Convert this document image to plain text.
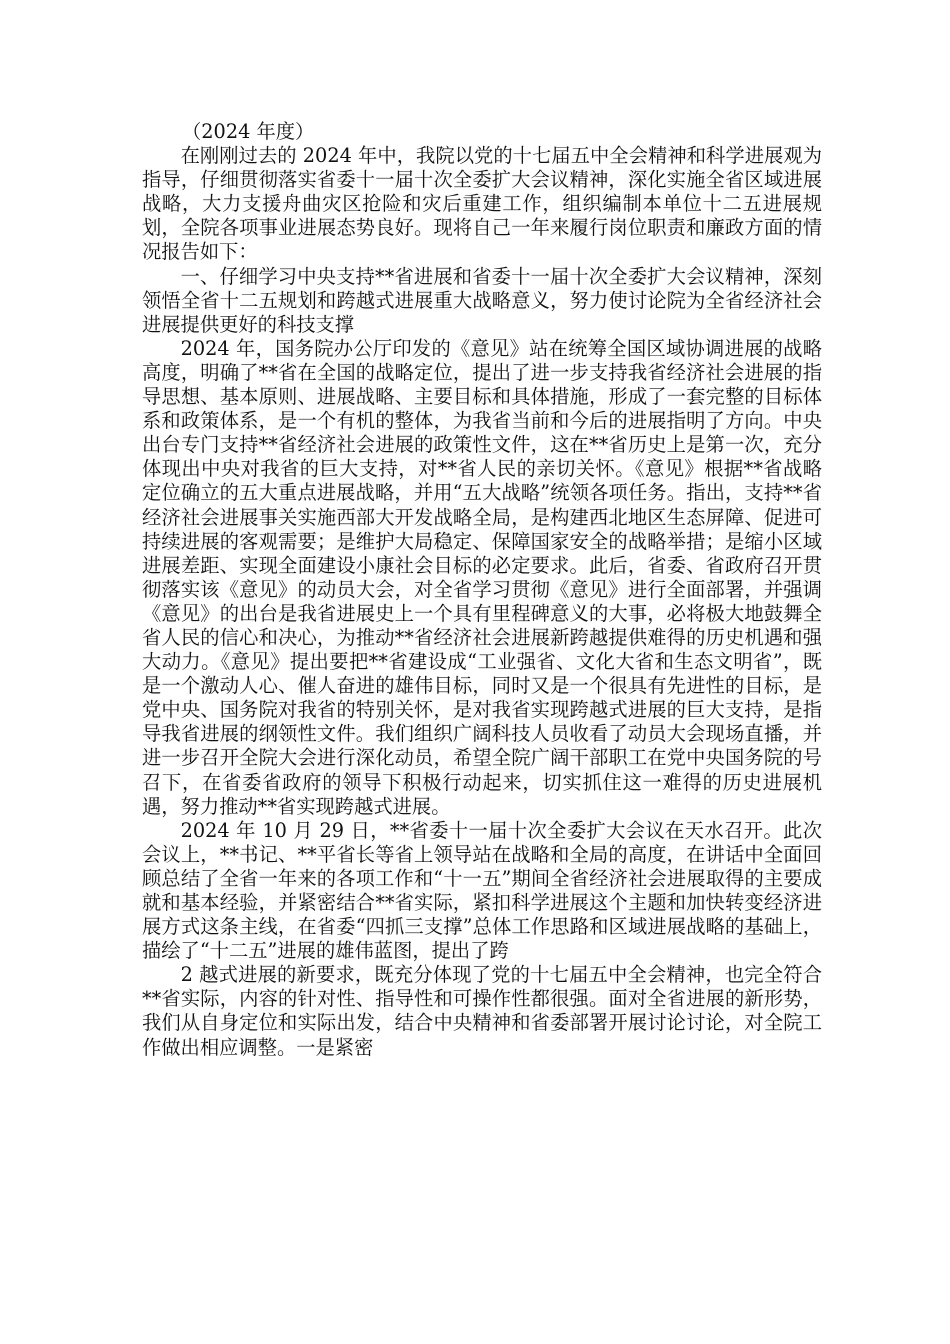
（2024 年度）

在刚刚过去的 2024 年中，我院以党的十七届五中全会精神和科学进展观为指导，仔细贯彻落实省委十一届十次全委扩大会议精神，深化实施全省区域进展战略，大力支援舟曲灾区抢险和灾后重建工作，组织编制本单位十二五进展规划，全院各项事业进展态势良好。现将自己一年来履行岗位职责和廉政方面的情况报告如下：

一、仔细学习中央支持**省进展和省委十一届十次全委扩大会议精神，深刻领悟全省十二五规划和跨越式进展重大战略意义，努力使讨论院为全省经济社会进展提供更好的科技支撑

2024 年，国务院办公厅印发的《意见》站在统筹全国区域协调进展的战略高度，明确了**省在全国的战略定位，提出了进一步支持我省经济社会进展的指导思想、基本原则、进展战略、主要目标和具体措施，形成了一套完整的目标体系和政策体系，是一个有机的整体，为我省当前和今后的进展指明了方向。中央出台专门支持**省经济社会进展的政策性文件，这在**省历史上是第一次，充分体现出中央对我省的巨大支持，对**省人民的亲切关怀。《意见》根据**省战略定位确立的五大重点进展战略，并用“五大战略”统领各项任务。指出，支持**省经济社会进展事关实施西部大开发战略全局，是构建西北地区生态屏障、促进可持续进展的客观需要；是维护大局稳定、保障国家安全的战略举措；是缩小区域进展差距、实现全面建设小康社会目标的必定要求。此后，省委、省政府召开贯彻落实该《意见》的动员大会，对全省学习贯彻《意见》进行全面部署，并强调《意见》的出台是我省进展史上一个具有里程碑意义的大事，必将极大地鼓舞全省人民的信心和决心，为推动**省经济社会进展新跨越提供难得的历史机遇和强大动力。《意见》提出要把**省建设成“工业强省、文化大省和生态文明省”，既是一个激动人心、催人奋进的雄伟目标，同时又是一个很具有先进性的目标，是党中央、国务院对我省的特别关怀，是对我省实现跨越式进展的巨大支持，是指导我省进展的纲领性文件。我们组织广阔科技人员收看了动员大会现场直播，并进一步召开全院大会进行深化动员，希望全院广阔干部职工在党中央国务院的号召下，在省委省政府的领导下积极行动起来，切实抓住这一难得的历史进展机遇，努力推动**省实现跨越式进展。

2024 年 10 月 29 日，**省委十一届十次全委扩大会议在天水召开。此次会议上，**书记、**平省长等省上领导站在战略和全局的高度，在讲话中全面回顾总结了全省一年来的各项工作和“十一五”期间全省经济社会进展取得的主要成就和基本经验，并紧密结合**省实际，紧扣科学进展这个主题和加快转变经济进展方式这条主线，在省委“四抓三支撑”总体工作思路和区域进展战略的基础上，描绘了“十二五”进展的雄伟蓝图，提出了跨

2 越式进展的新要求，既充分体现了党的十七届五中全会精神，也完全符合**省实际，内容的针对性、指导性和可操作性都很强。面对全省进展的新形势，我们从自身定位和实际出发，结合中央精神和省委部署开展讨论讨论，对全院工作做出相应调整。一是紧密
